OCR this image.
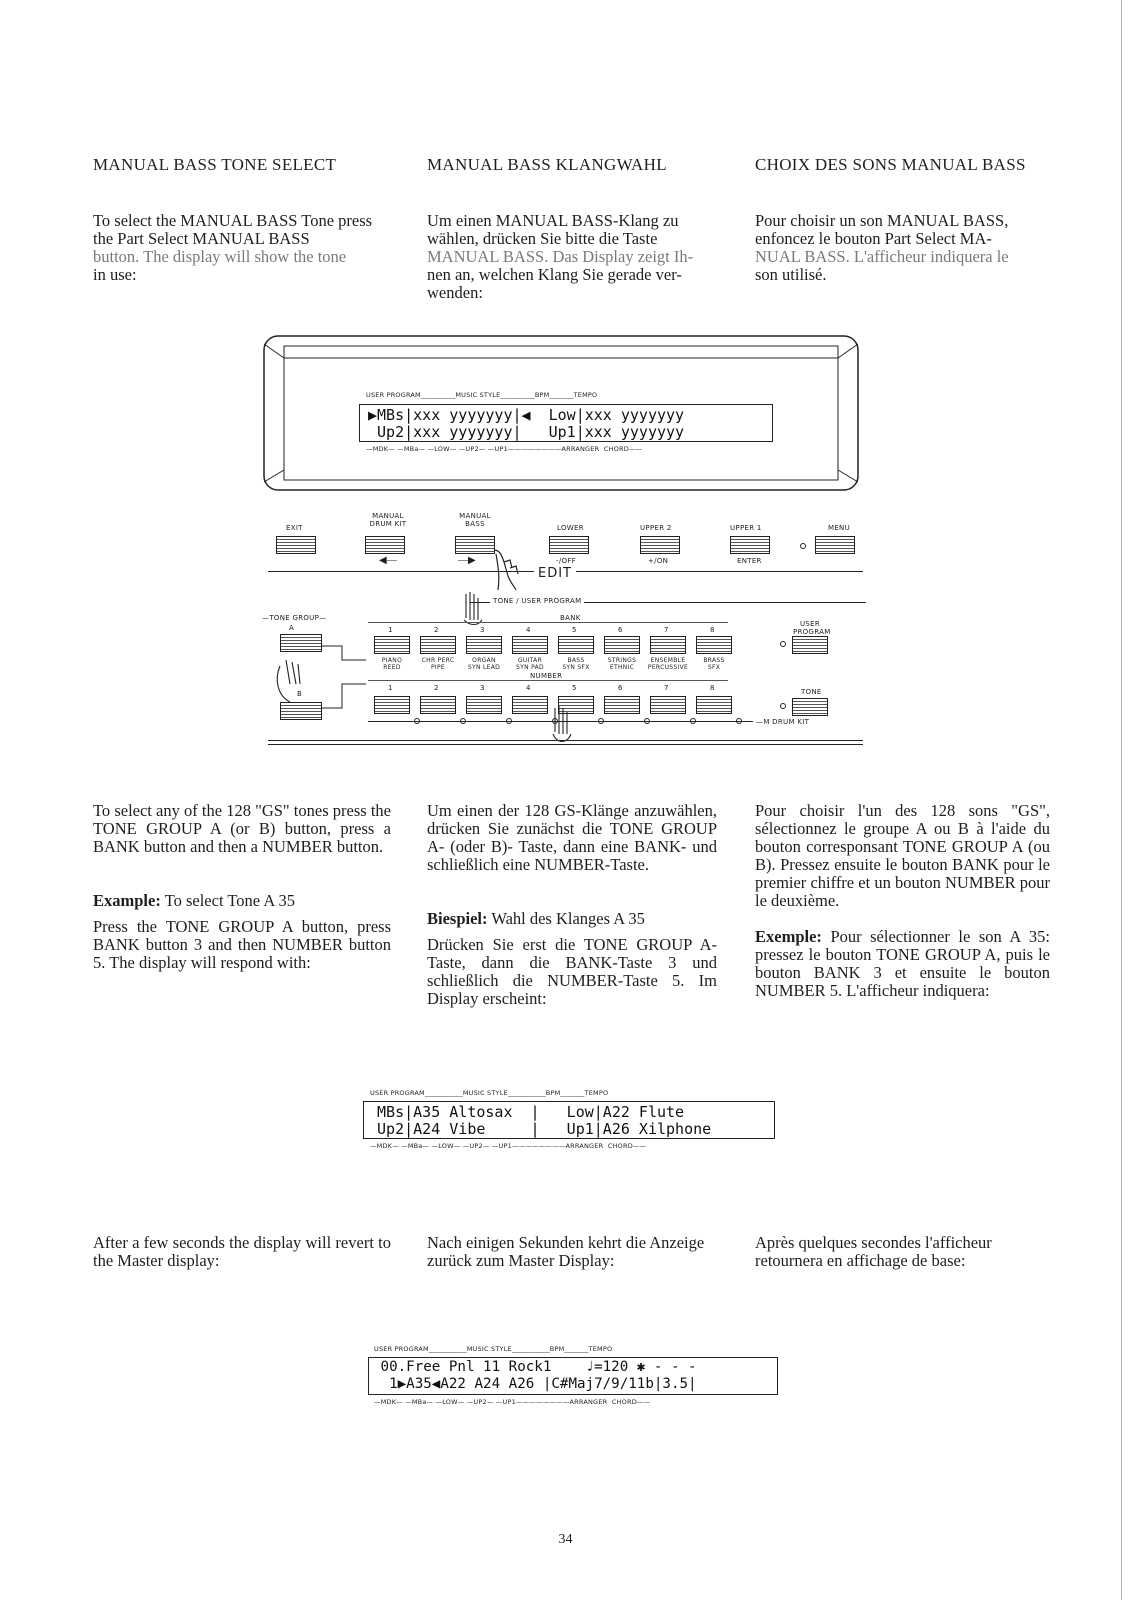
MANUAL BASS TONE SELECT	MANUAL BASS KLANGWAHL	CHOIX DES SONS MANUAL BASS
To select the MANUAL BASS Tone press the Part Select MANUAL BASS
button. The display will show the tone
in use:
Um einen MANUAL BASS-Klang zu wählen, drücken Sie bitte die Taste
MANUAL BASS. Das Display zeigt Ih-
nen an, welchen Klang Sie gerade ver-wenden:
Pour choisir un son MANUAL BASS, enfoncez le bouton Part Select MA-
NUAL BASS. L'afficheur indiquera le
son utilisé.
USER PROGRAM__________MUSIC STYLE__________BPM_______TEMPO
▶MBs|xxx yyyyyyy|◀  Low|xxx yyyyyyy
Up2|xxx yyyyyyy|   Up1|xxx yyyyyyy
—MDK— —MBa— —LOW— —UP2— —UP1————————ARRANGER  CHORD——
EXIT
MANUAL DRUM KIT
◀—
MANUAL BASS
—▶
LOWER
-/OFF
UPPER 2
+/ON
UPPER 1
ENTER
MENU
EDIT
TONE / USER PROGRAM
—TONE GROUP—
A
B
BANK
1
PIANO
REED
2
CHR PERC
PIPE
3
ORGAN
SYN LEAD
4
GUITAR
SYN PAD
5
BASS
SYN SFX
6
STRINGS
ETHNIC
7
ENSEMBLE
PERCUSSIVE
8
BRASS
SFX
NUMBER
1	2	3	4	5	6	7	8
USER PROGRAM
TONE
—M DRUM KIT
To select any of the 128 "GS" tones press the TONE GROUP A (or B) button, press a BANK button and then a NUMBER button.
Um einen der 128 GS-Klänge anzuwählen, drücken Sie zunächst die TONE GROUP A- (oder B)- Taste, dann eine BANK- und schließlich eine NUMBER-Taste.
Pour choisir l'un des 128 sons "GS", sélectionnez le groupe A ou B à l'aide du bouton corresponsant TONE GROUP A (ou B). Pressez ensuite le bouton BANK pour le premier chiffre et un bouton NUMBER pour le deuxième.
Example: To select Tone A 35
Press the TONE GROUP A button, press BANK button 3 and then NUMBER button 5. The display will respond with:
Biespiel: Wahl des Klanges A 35
Drücken Sie erst die TONE GROUP A-Taste, dann die BANK-Taste 3 und schließlich die NUMBER-Taste 5. Im Display erscheint:
Exemple: Pour sélectionner le son A 35: pressez le bouton TONE GROUP A, puis le bouton BANK 3 et ensuite le bouton NUMBER 5. L'afficheur indiquera:
USER PROGRAM___________MUSIC STYLE___________BPM_______TEMPO
MBs|A35 Altosax  |   Low|A22 Flute
Up2|A24 Vibe     |   Up1|A26 Xilphone
—MDK— —MBa— —LOW— —UP2— —UP1————————ARRANGER  CHORD——
After a few seconds the display will revert to the Master display:
Nach einigen Sekunden kehrt die Anzeige zurück zum Master Display:
Après quelques secondes l'afficheur retournera en affichage de base:
USER PROGRAM___________MUSIC STYLE___________BPM_______TEMPO
00.Free Pnl 11 Rock1    ♩=120 ✱ - - -
1▶A35◀A22 A24 A26 |C#Maj7/9/11b|3.5|
—MDK— —MBa— —LOW— —UP2— —UP1————————ARRANGER  CHORD——
34
